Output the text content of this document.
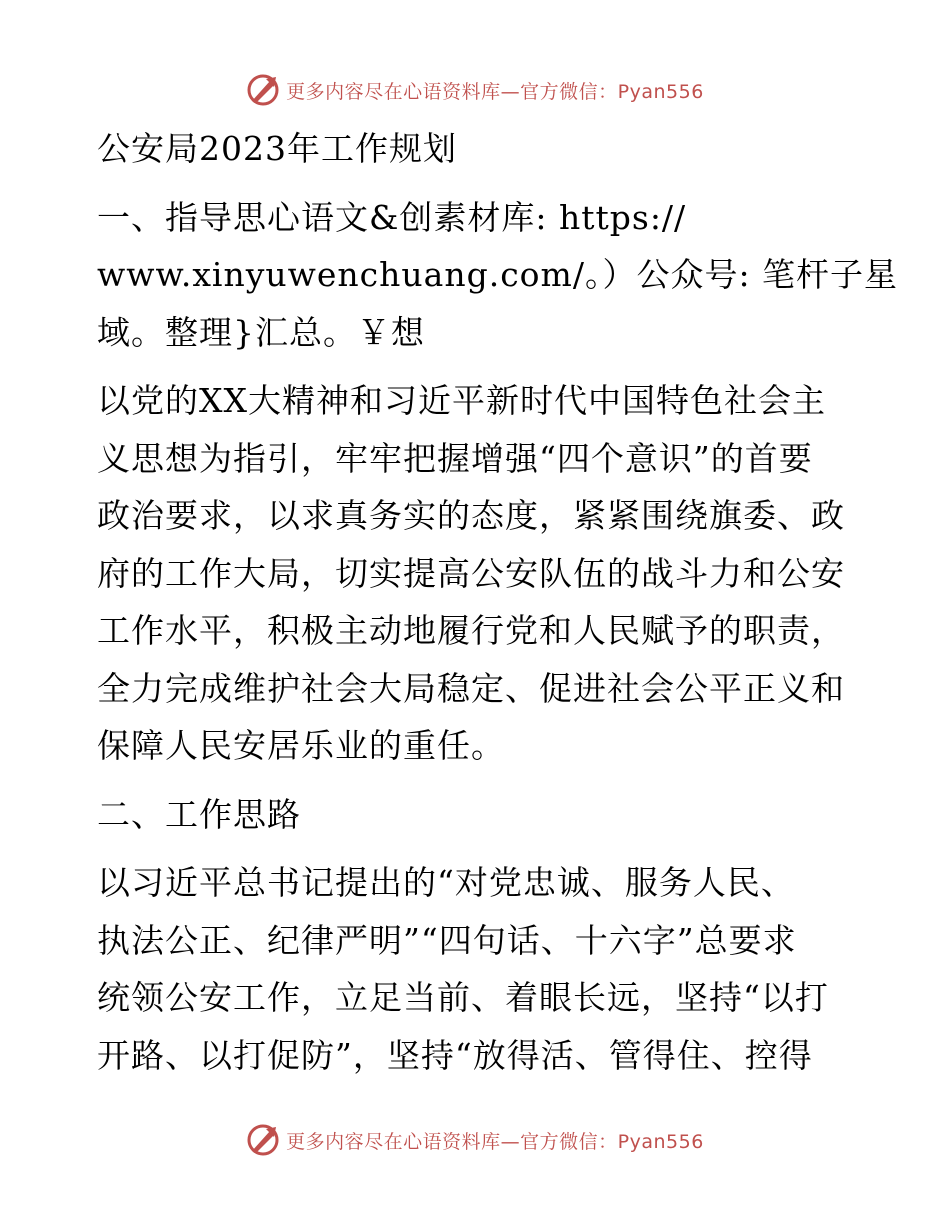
更多内容尽在心语资料库—官方微信：Pyan556
公安局2023年工作规划
一、指导思心语文&创素材库: https://
www.xinyuwenchuang.com/。）公众号: 笔杆子星
域。整理}汇总。￥想
以党的XX大精神和习近平新时代中国特色社会主
义思想为指引，牢牢把握增强“四个意识”的首要
政治要求，以求真务实的态度，紧紧围绕旗委、政
府的工作大局，切实提高公安队伍的战斗力和公安
工作水平，积极主动地履行党和人民赋予的职责，
全力完成维护社会大局稳定、促进社会公平正义和
保障人民安居乐业的重任。
二、工作思路
以习近平总书记提出的“对党忠诚、服务人民、
执法公正、纪律严明”“四句话、十六字”总要求
统领公安工作，立足当前、着眼长远，坚持“以打
开路、以打促防”，坚持“放得活、管得住、控得
更多内容尽在心语资料库—官方微信：Pyan556
